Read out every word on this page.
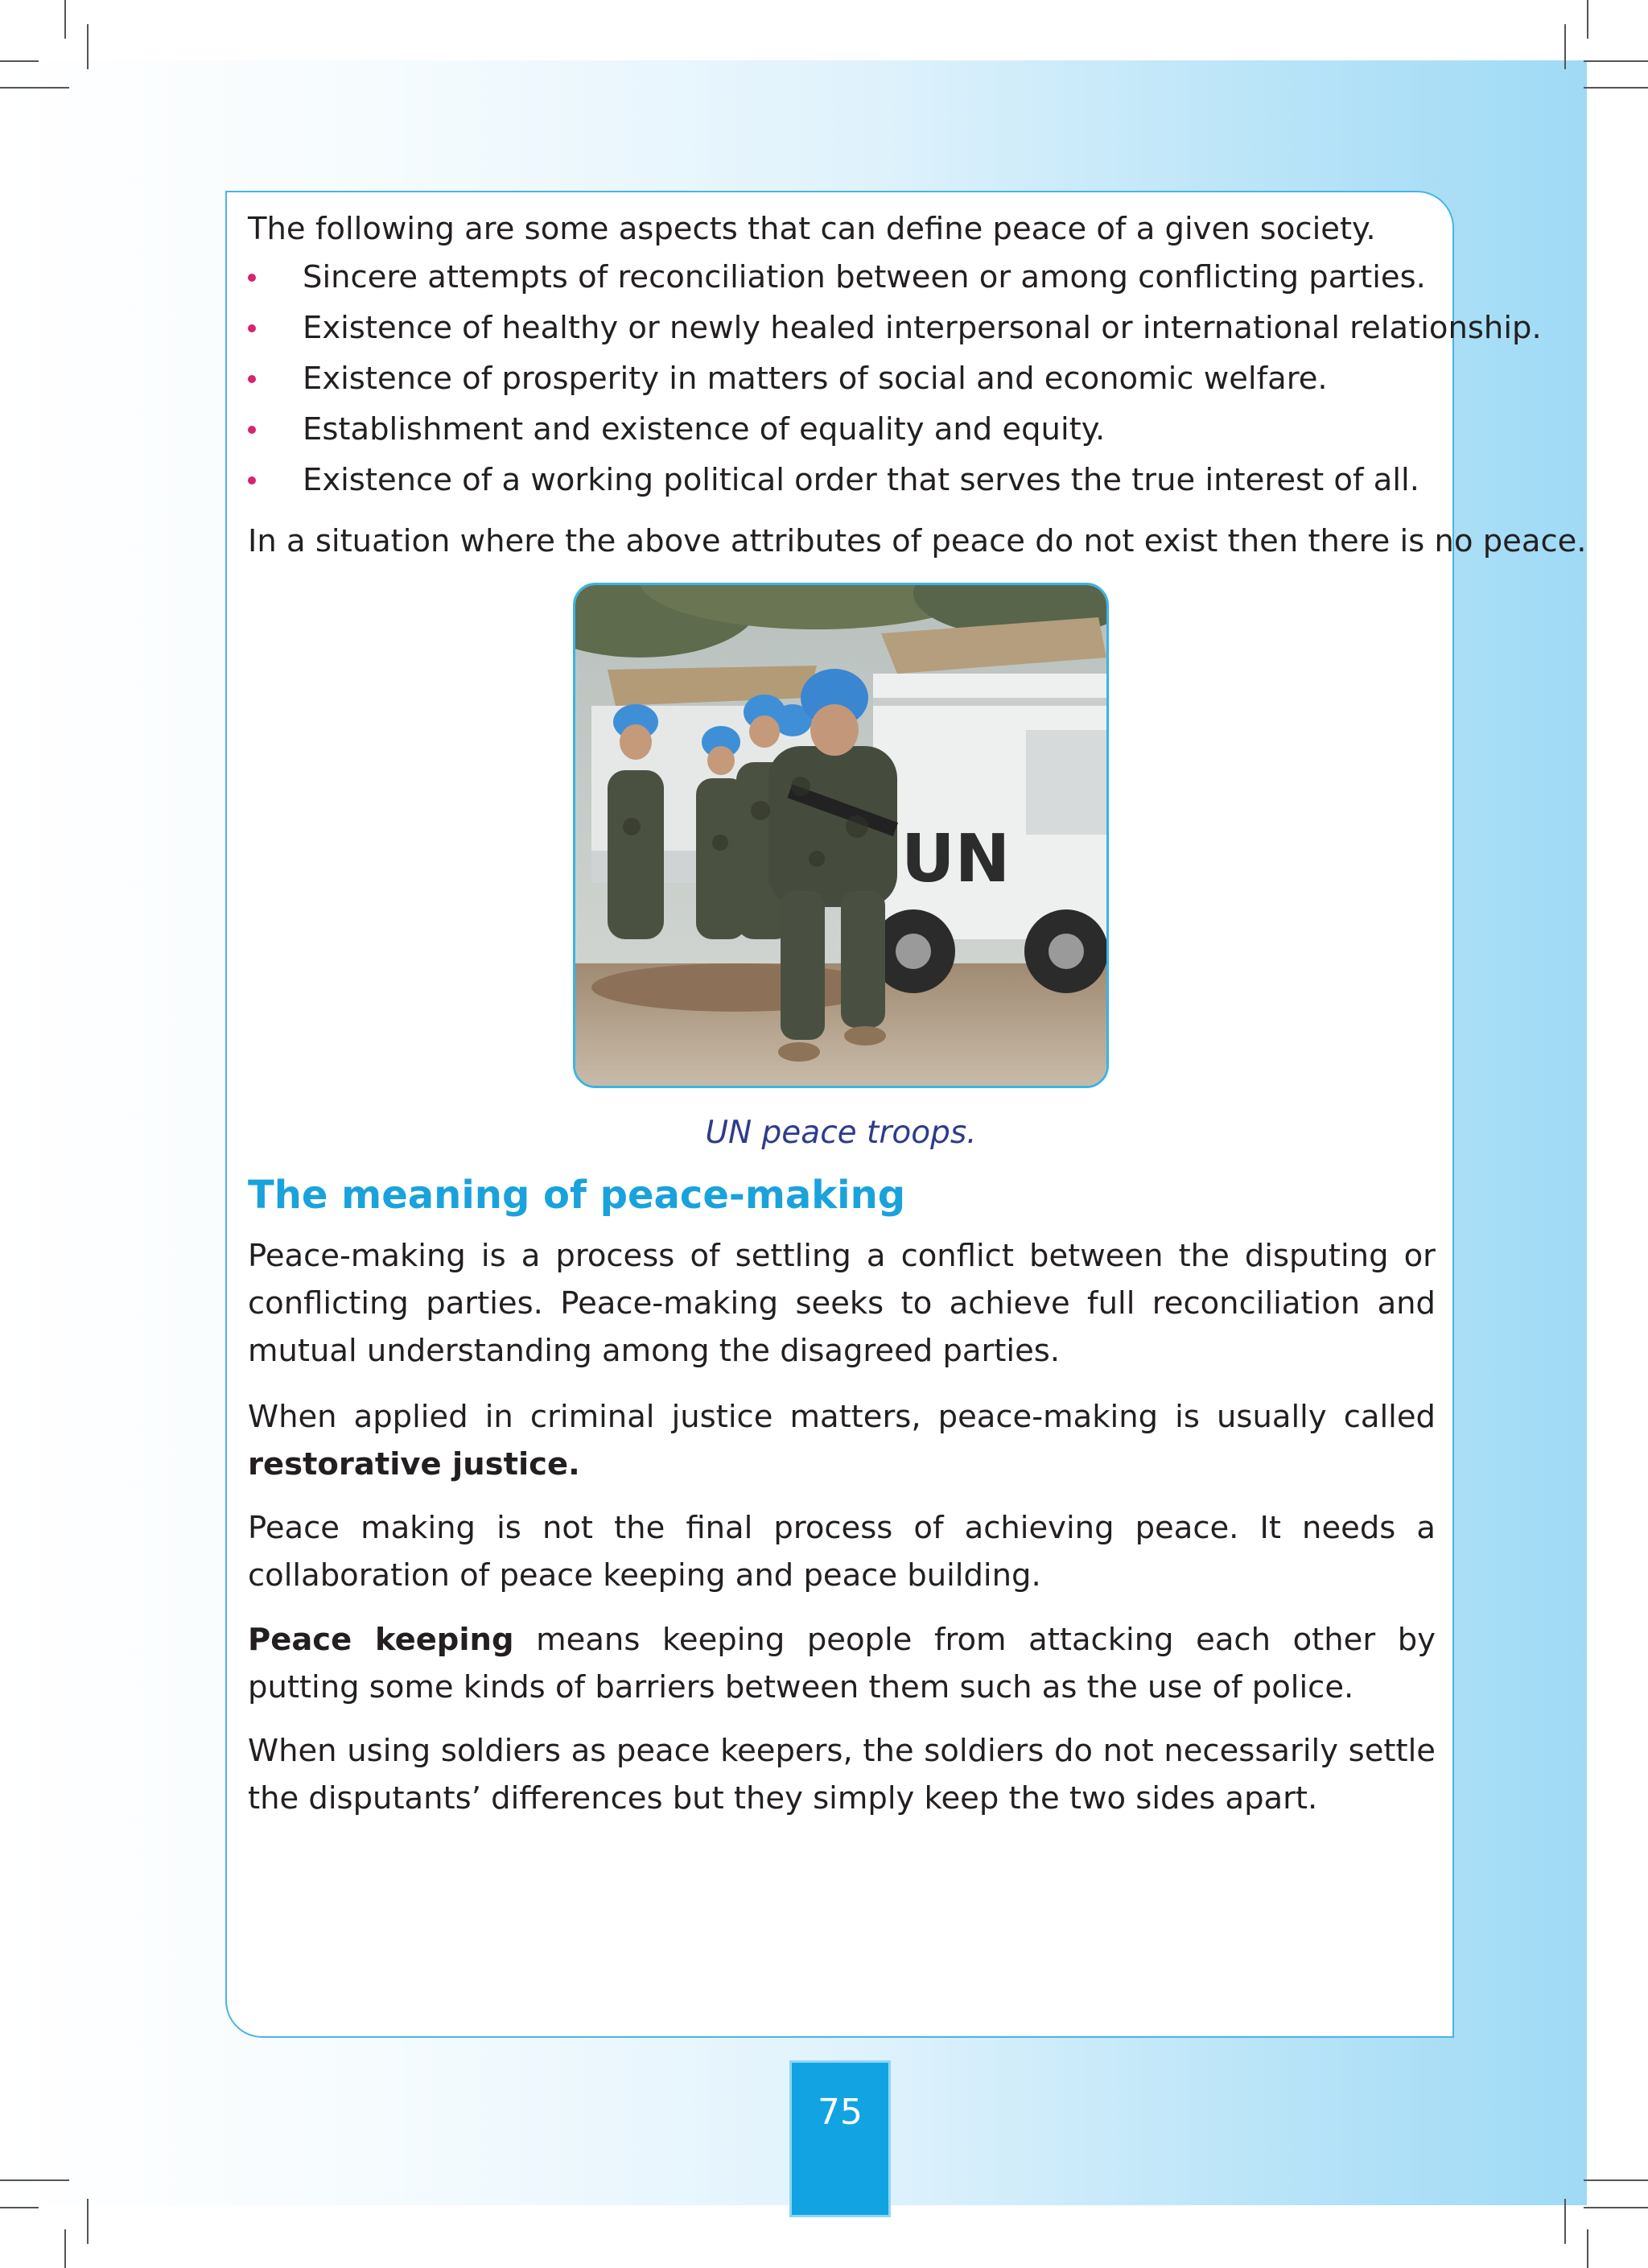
The following are some aspects that can define peace of a given society.

Sincere attempts of reconciliation between or among conflicting parties.
Existence of healthy or newly healed interpersonal or international relationship.
Existence of prosperity in matters of social and economic welfare.
Establishment and existence of equality and equity.
Existence of a working political order that serves the true interest of all.

In a situation where the above attributes of peace do not exist then there is no peace.

UN

UN peace troops.

The meaning of peace-making

Peace-making is a process of settling a conflict between the disputing or conflicting parties. Peace-making seeks to achieve full reconciliation and mutual understanding among the disagreed parties.

When applied in criminal justice matters, peace-making is usually called restorative justice.

Peace making is not the final process of achieving peace. It needs a collaboration of peace keeping and peace building.

Peace keeping means keeping people from attacking each other by putting some kinds of barriers between them such as the use of police.

When using soldiers as peace keepers, the soldiers do not necessarily settle the disputants’ differences but they simply keep the two sides apart.

75
